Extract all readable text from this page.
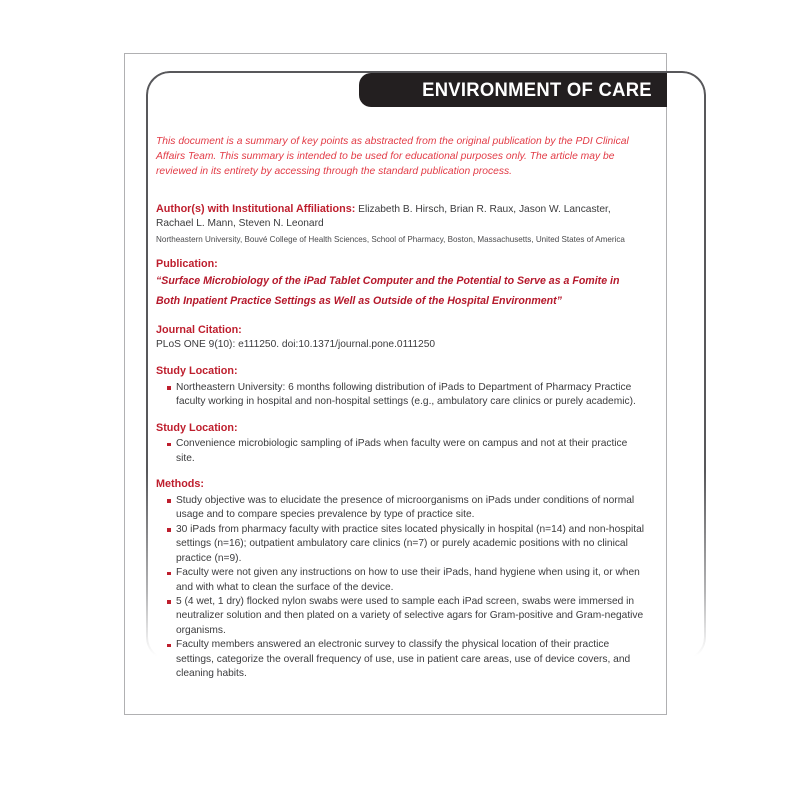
ENVIRONMENT OF CARE

This document is a summary of key points as abstracted from the original publication by the PDI Clinical Affairs Team. This summary is intended to be used for educational purposes only. The article may be reviewed in its entirety by accessing through the standard publication process.

Author(s) with Institutional Affiliations: Elizabeth B. Hirsch, Brian R. Raux, Jason W. Lancaster, Rachael L. Mann, Steven N. Leonard

Northeastern University, Bouvé College of Health Sciences, School of Pharmacy, Boston, Massachusetts, United States of America

Publication:

“Surface Microbiology of the iPad Tablet Computer and the Potential to Serve as a Fomite in Both Inpatient Practice Settings as Well as Outside of the Hospital Environment”

Journal Citation:

PLoS ONE 9(10): e111250. doi:10.1371/journal.pone.0111250

Study Location:

Northeastern University: 6 months following distribution of iPads to Department of Pharmacy Practice faculty working in hospital and non-hospital settings (e.g., ambulatory care clinics or purely academic).

Study Location:

Convenience microbiologic sampling of iPads when faculty were on campus and not at their practice site.

Methods:

Study objective was to elucidate the presence of microorganisms on iPads under conditions of normal usage and to compare species prevalence by type of practice site.
30 iPads from pharmacy faculty with practice sites located physically in hospital (n=14) and non-hospital settings (n=16); outpatient ambulatory care clinics (n=7) or purely academic positions with no clinical practice (n=9).
Faculty were not given any instructions on how to use their iPads, hand hygiene when using it, or when and with what to clean the surface of the device.
5 (4 wet, 1 dry) flocked nylon swabs were used to sample each iPad screen, swabs were immersed in neutralizer solution and then plated on a variety of selective agars for Gram-positive and Gram-negative organisms.
Faculty members answered an electronic survey to classify the physical location of their practice settings, categorize the overall frequency of use, use in patient care areas, use of device covers, and cleaning habits.
